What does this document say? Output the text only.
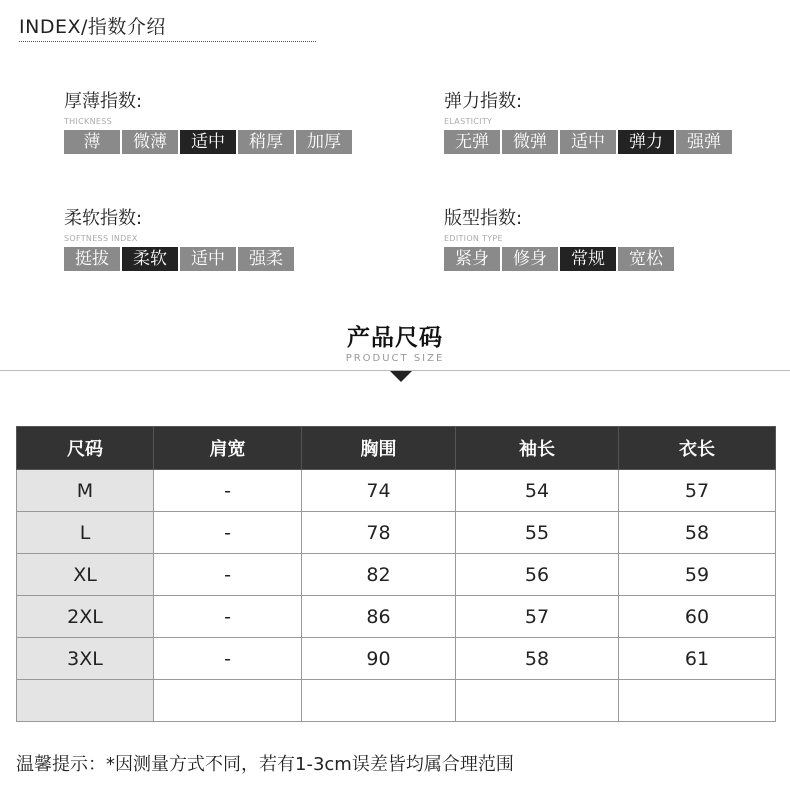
INDEX/指数介绍
厚薄指数:
THICKNESS
薄	微薄	适中	稍厚	加厚
弹力指数:
ELASTICITY
无弹	微弹	适中	弹力	强弹
柔软指数:
SOFTNESS INDEX
挺拔	柔软	适中	强柔
版型指数:
EDITION TYPE
紧身	修身	常规	宽松
产品尺码
PRODUCT SIZE
尺码	肩宽	胸围	袖长	衣长
M	-	74	54	57
L	-	78	55	58
XL	-	82	56	59
2XL	-	86	57	60
3XL	-	90	58	61

温馨提示：*因测量方式不同，若有1-3cm误差皆均属合理范围
